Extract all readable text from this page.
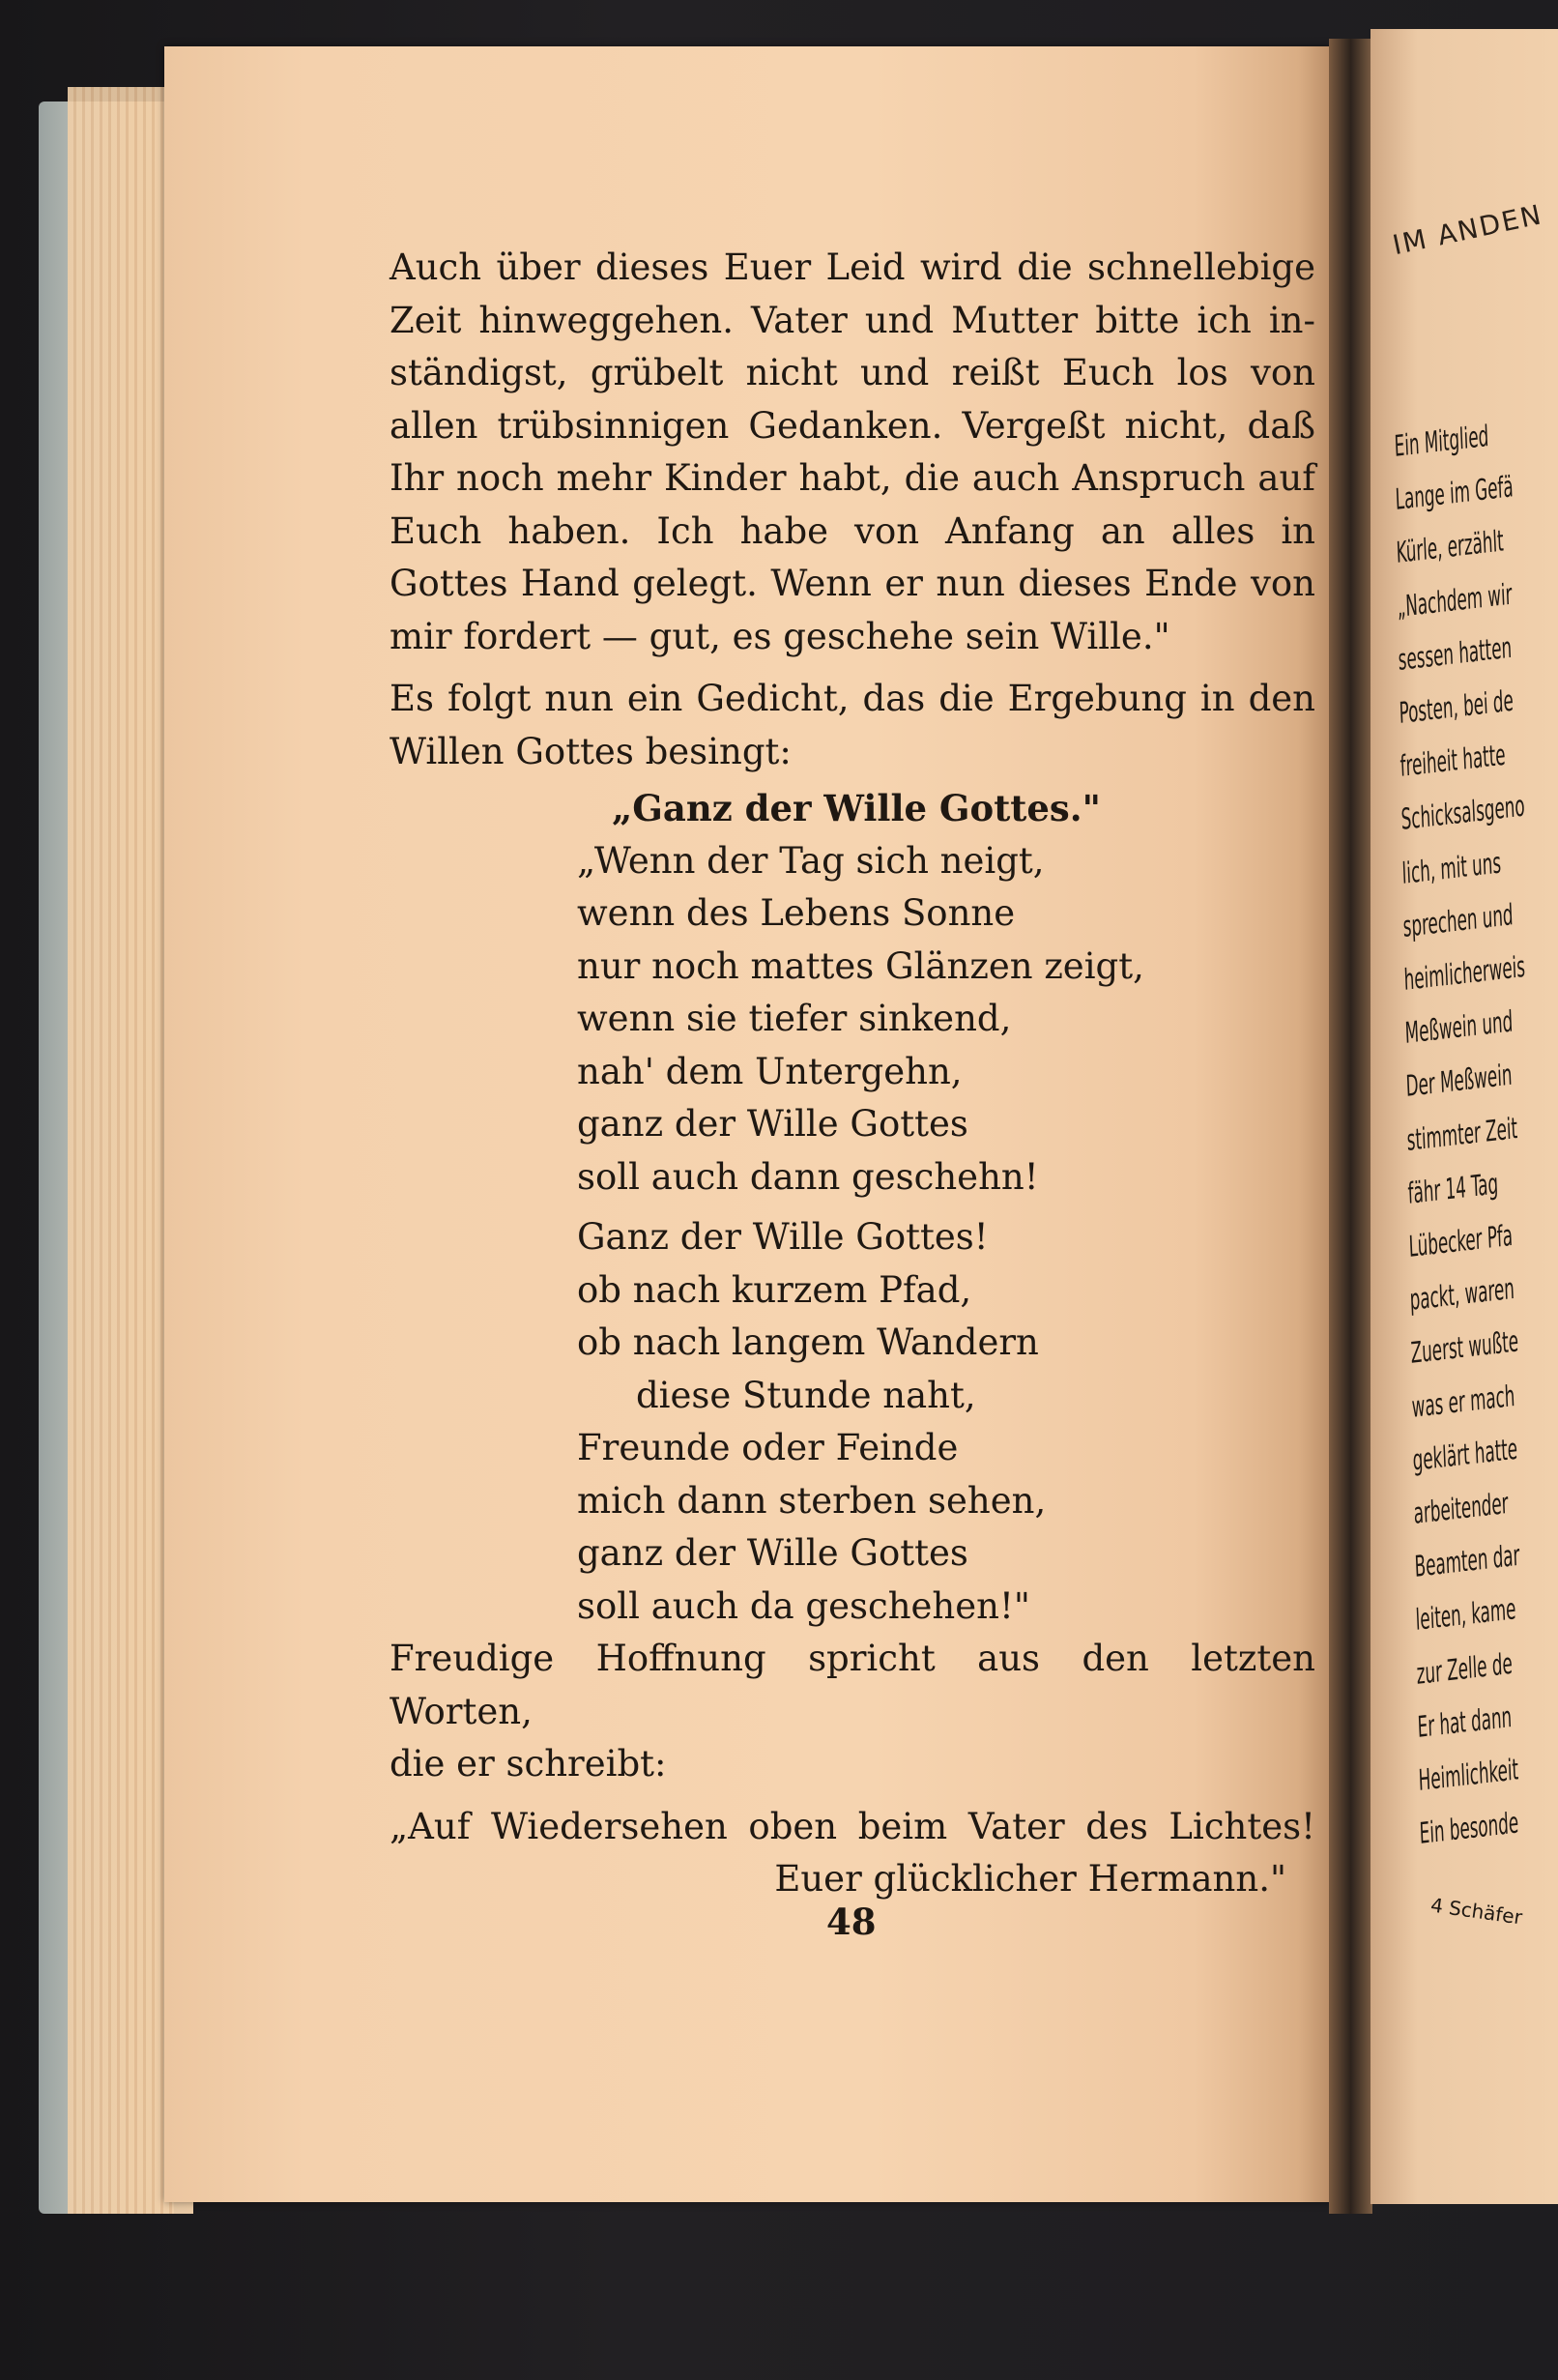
Auch über dieses Euer Leid wird die schnellebige
Zeit hinweggehen. Vater und Mutter bitte ich in-
ständigst, grübelt nicht und reißt Euch los von
allen trübsinnigen Gedanken. Vergeßt nicht, daß
Ihr noch mehr Kinder habt, die auch Anspruch auf
Euch haben. Ich habe von Anfang an alles in
Gottes Hand gelegt. Wenn er nun dieses Ende von
mir fordert — gut, es geschehe sein Wille."
Es folgt nun ein Gedicht, das die Ergebung in den
Willen Gottes besingt:
„Ganz der Wille Gottes."
„Wenn der Tag sich neigt,
wenn des Lebens Sonne
nur noch mattes Glänzen zeigt,
wenn sie tiefer sinkend,
nah' dem Untergehn,
ganz der Wille Gottes
soll auch dann geschehn!
Ganz der Wille Gottes!
ob nach kurzem Pfad,
ob nach langem Wandern
diese Stunde naht,
Freunde oder Feinde
mich dann sterben sehen,
ganz der Wille Gottes
soll auch da geschehen!"
Freudige Hoffnung spricht aus den letzten Worten,
die er schreibt:
„Auf Wiedersehen oben beim Vater des Lichtes!
Euer glücklicher Hermann."
48
IM ANDEN
Ein Mitglied
Lange im Gefä
Kürle, erzählt
„Nachdem wir
sessen hatten
Posten, bei de
freiheit hatte
Schicksalsgeno
lich, mit uns
sprechen und
heimlicherweis
Meßwein und
Der Meßwein
stimmter Zeit
fähr 14 Tag
Lübecker Pfa
packt, waren
Zuerst wußte
was er mach
geklärt hatte
arbeitender
Beamten dar
leiten, kame
zur Zelle de
Er hat dann
Heimlichkeit
Ein besonde
4 Schäfer
